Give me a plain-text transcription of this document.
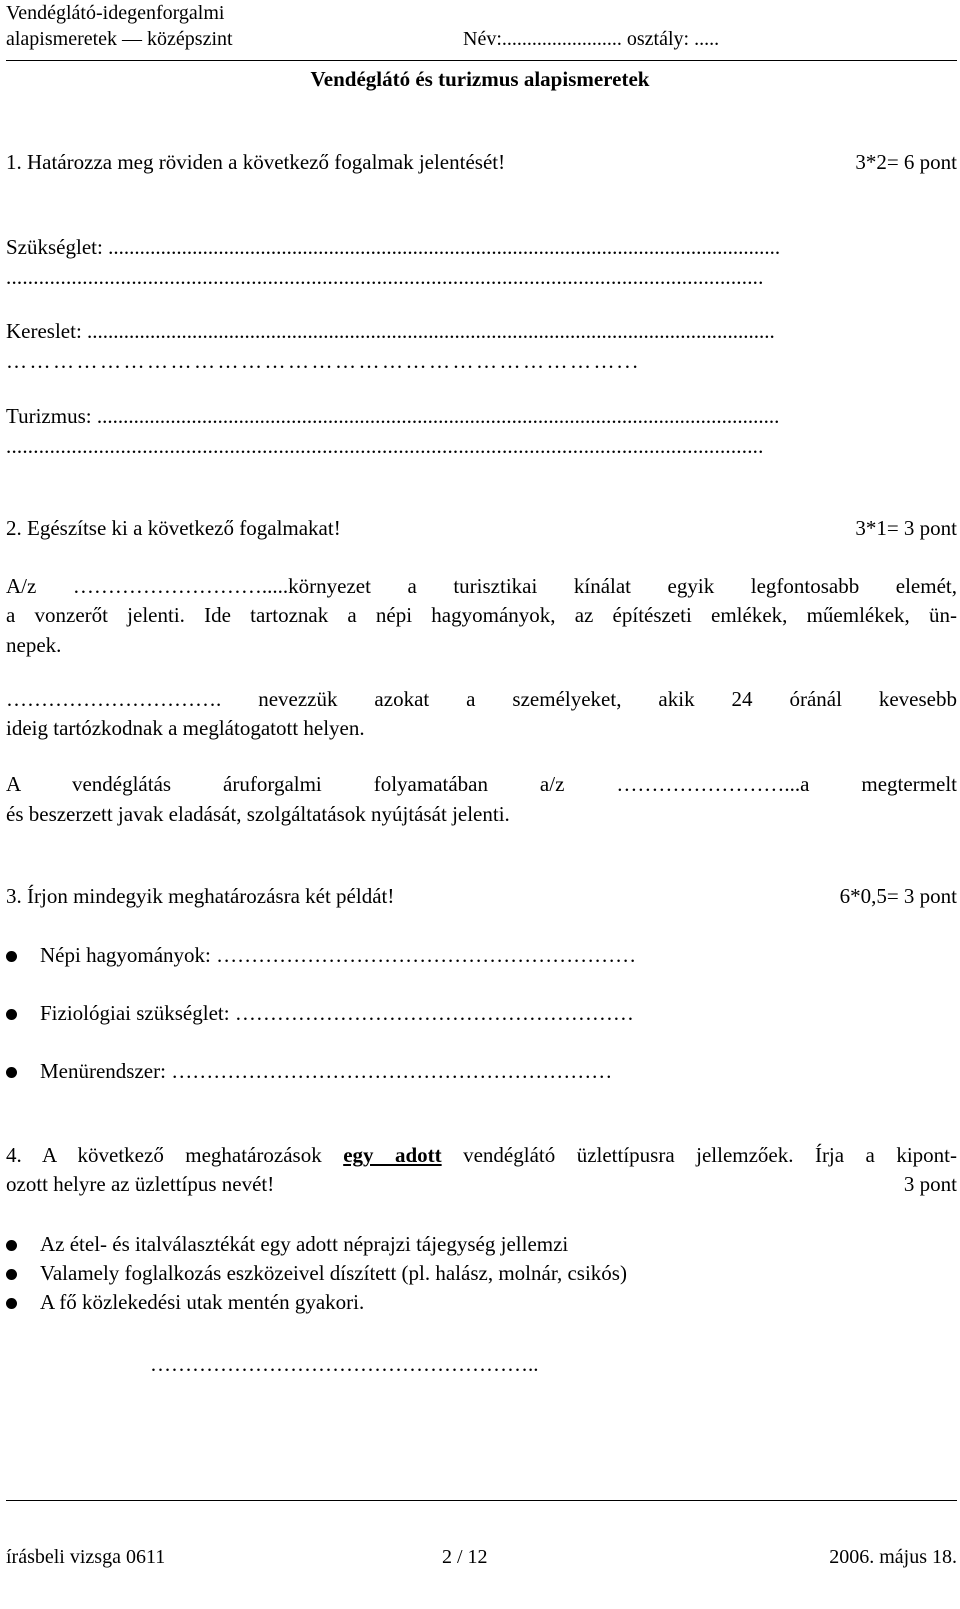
Vendéglátó-idegenforgalmi
alapismeretek — középszint	Név:........................ osztály: .....
Vendéglátó és turizmus alapismeretek
1. Határozza meg röviden a következő fogalmak jelentését!	3*2= 6 pont
Szükséglet: ................................................................................................................................
...........................................................................................................................................
Kereslet: ...................................................................................................................................
……………………………………………………………………...
Turizmus: ..................................................................................................................................
...........................................................................................................................................
2. Egészítse ki a következő fogalmakat!	3*1= 3 pont
A/z ……………………….....környezet a turisztikai kínálat egyik legfontosabb elemét,
a vonzerőt jelenti. Ide tartoznak a népi hagyományok, az építészeti emlékek, műemlékek, ün-
nepek.
…………………………. nevezzük azokat a személyeket, akik 24 óránál kevesebb
ideig tartózkodnak a meglátogatott helyen.
A vendéglátás áruforgalmi folyamatában a/z ……………………...a megtermelt
és beszerzett javak eladását, szolgáltatások nyújtását jelenti.
3. Írjon mindegyik meghatározásra két példát!	6*0,5= 3 pont
Népi hagyományok: ……………………………………………………
Fiziológiai szükséglet: …………………………………………………
Menürendszer: ………………………………………………………
4. A következő meghatározások egy adott vendéglátó üzlettípusra jellemzőek. Írja a kipont-
ozott helyre az üzlettípus nevét!	3 pont
Az étel- és italválasztékát egy adott néprajzi tájegység jellemzi
Valamely foglalkozás eszközeivel díszített (pl. halász, molnár, csikós)
A fő közlekedési utak mentén gyakori.
………………………………………………..
írásbeli vizsga 0611	2 / 12	2006. május 18.
